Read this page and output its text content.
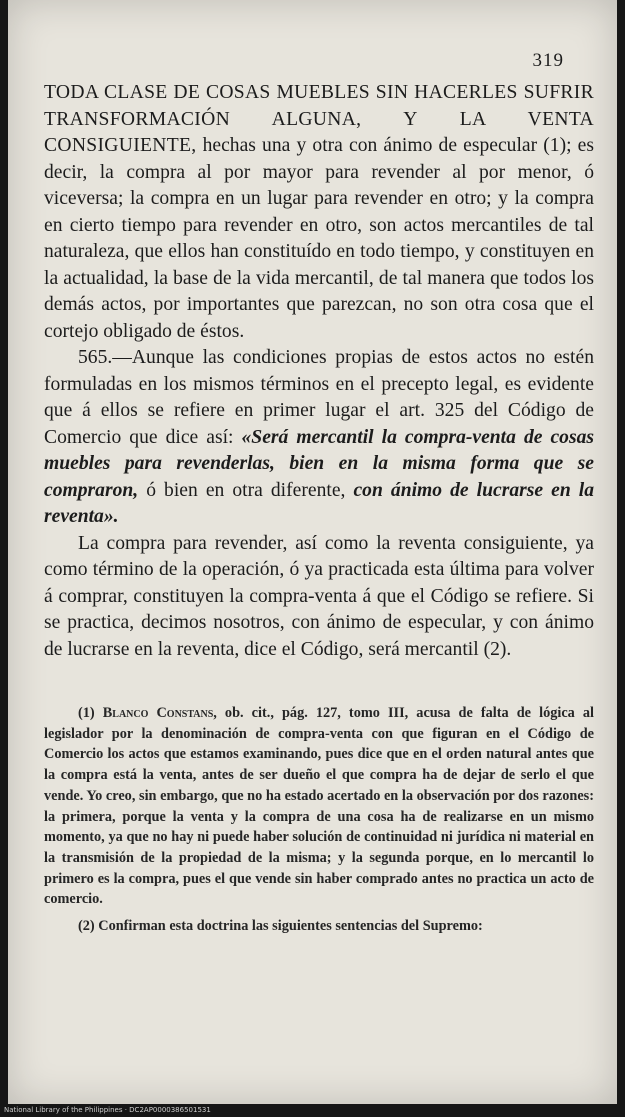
319

TODA CLASE DE COSAS MUEBLES SIN HACERLES SUFRIR TRANSFORMACIÓN ALGUNA, Y LA VENTA CONSIGUIENTE, hechas una y otra con ánimo de especular (1); es decir, la compra al por mayor para revender al por menor, ó viceversa; la compra en un lugar para revender en otro; y la compra en cierto tiempo para revender en otro, son actos mercantiles de tal naturaleza, que ellos han constituído en todo tiempo, y constituyen en la actualidad, la base de la vida mercantil, de tal manera que todos los demás actos, por importantes que parezcan, no son otra cosa que el cortejo obligado de éstos.

565.—Aunque las condiciones propias de estos actos no estén formuladas en los mismos términos en el precepto legal, es evidente que á ellos se refiere en primer lugar el art. 325 del Código de Comercio que dice así: «Será mercantil la compra-venta de cosas muebles para revenderlas, bien en la misma forma que se compraron, ó bien en otra diferente, con ánimo de lucrarse en la reventa».

La compra para revender, así como la reventa consiguiente, ya como término de la operación, ó ya practicada esta última para volver á comprar, constituyen la compra-venta á que el Código se refiere. Si se practica, decimos nosotros, con ánimo de especular, y con ánimo de lucrarse en la reventa, dice el Código, será mercantil (2).

(1) Blanco Constans, ob. cit., pág. 127, tomo III, acusa de falta de lógica al legislador por la denominación de compra-venta con que figuran en el Código de Comercio los actos que estamos examinando, pues dice que en el orden natural antes que la compra está la venta, antes de ser dueño el que compra ha de dejar de serlo el que vende. Yo creo, sin embargo, que no ha estado acertado en la observación por dos razones: la primera, porque la venta y la compra de una cosa ha de realizarse en un mismo momento, ya que no hay ni puede haber solución de continuidad ni jurídica ni material en la transmisión de la propiedad de la misma; y la segunda porque, en lo mercantil lo primero es la compra, pues el que vende sin haber comprado antes no practica un acto de comercio.

(2) Confirman esta doctrina las siguientes sentencias del Supremo:

National Library of the Philippines · DC2AP0000386501531
